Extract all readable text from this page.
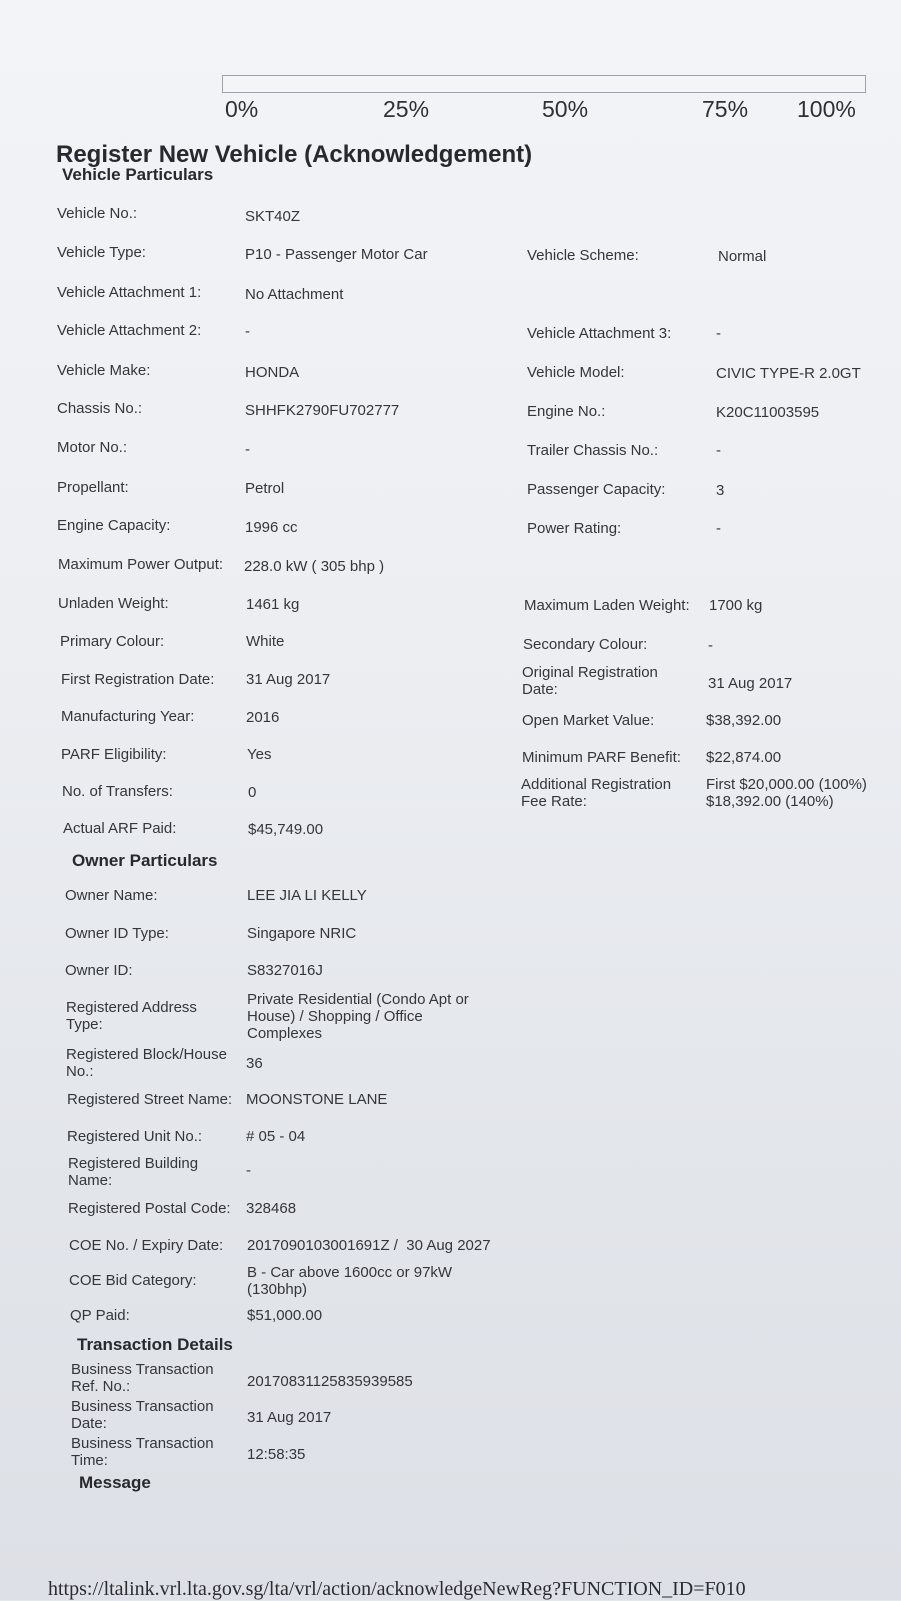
0%	25%	50%	75% 100%
Register New Vehicle (Acknowledgement)
Vehicle Particulars
Vehicle No.:	SKT40Z
Vehicle Type:	P10 - Passenger Motor Car	Vehicle Scheme:	Normal
Vehicle Attachment 1:	No Attachment
Vehicle Attachment 2:	-	Vehicle Attachment 3:	-
Vehicle Make:	HONDA	Vehicle Model:	CIVIC TYPE-R 2.0GT
Chassis No.:	SHHFK2790FU702777	Engine No.:	K20C11003595
Motor No.:	-	Trailer Chassis No.:	-
Propellant:	Petrol	Passenger Capacity:	3
Engine Capacity:	1996 cc	Power Rating:	-
Maximum Power Output: 228.0 kW ( 305 bhp )
Unladen Weight:	1461 kg	Maximum Laden Weight: 1700 kg
Primary Colour:	White	Secondary Colour:	-
First Registration Date: 31 Aug 2017	Original Registration
Date:	31 Aug 2017
Manufacturing Year:	2016	Open Market Value:	$38,392.00
PARF Eligibility:	Yes	Minimum PARF Benefit: $22,874.00
No. of Transfers:	0	Additional Registration
Fee Rate:
First $20,000.00 (100%)
$18,392.00 (140%)
Actual ARF Paid:	$45,749.00
Owner Particulars
Owner Name:	LEE JIA LI KELLY
Owner ID Type:	Singapore NRIC
Owner ID:	S8327016J
Registered Address
Type:
Private Residential (Condo Apt or
House) / Shopping / Office
Complexes
Registered Block/House
No.:	36
Registered Street Name: MOONSTONE LANE
Registered Unit No.:	# 05 - 04
Registered Building
Name:
-
Registered Postal Code: 328468
COE No. / Expiry Date: 2017090103001691Z /  30 Aug 2027
COE Bid Category:	B - Car above 1600cc or 97kW
(130bhp)
QP Paid:	$51,000.00
Transaction Details
Business Transaction
Ref. No.:	20170831125835939585
Business Transaction
Date:	31 Aug 2017
Business Transaction
Time:	12:58:35
Message
https://ltalink.vrl.lta.gov.sg/lta/vrl/action/acknowledgeNewReg?FUNCTION_ID=F010
